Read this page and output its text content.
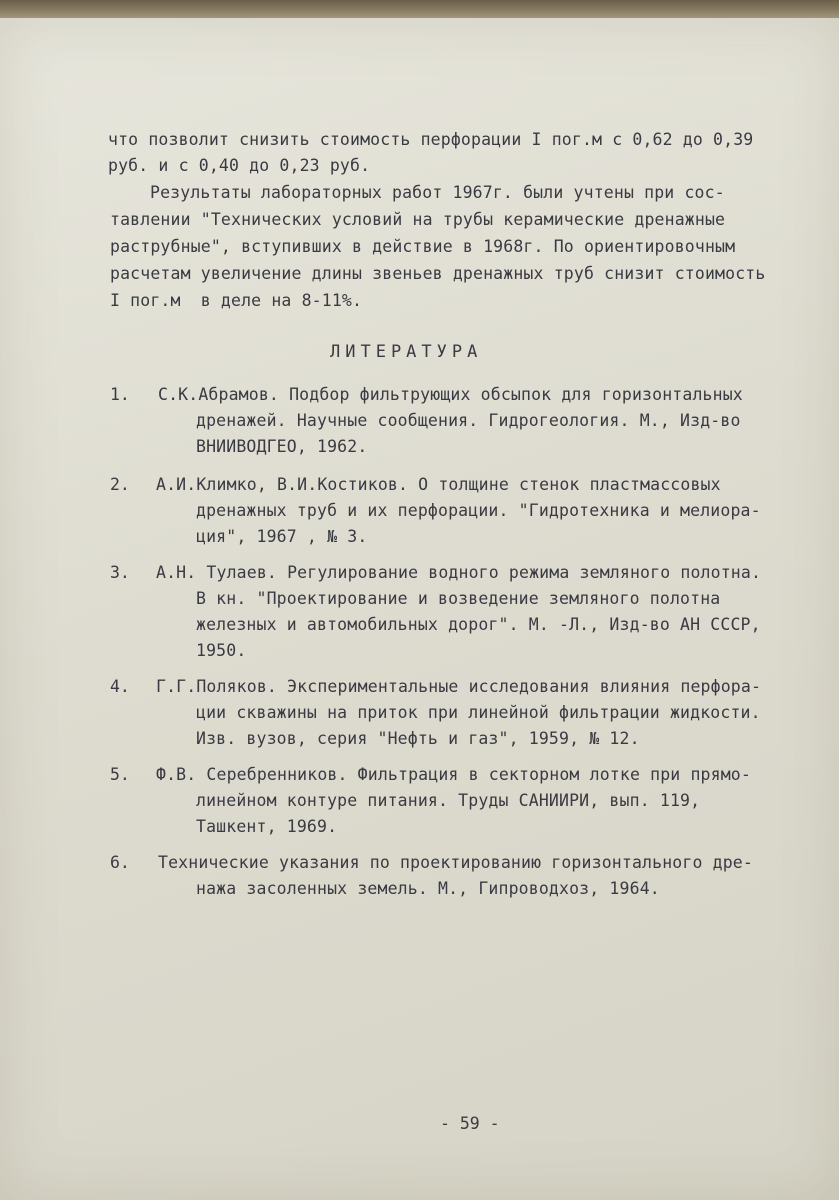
что позволит снизить стоимость перфорации I пог.м с 0,62 до 0,39
руб. и с 0,40 до 0,23 руб.
Результаты лабораторных работ 1967г. были учтены при сос-
тавлении "Технических условий на трубы керамические дренажные
раструбные", вступивших в действие в 1968г. По ориентировочным
расчетам увеличение длины звеньев дренажных труб снизит стоимость
I пог.м  в деле на 8-11%.
ЛИТЕРАТУРА
1. С.К.Абрамов. Подбор фильтрующих обсыпок для горизонтальных
дренажей. Научные сообщения. Гидрогеология. М., Изд-во
ВНИИВОДГЕО, 1962.
2. А.И.Климко, В.И.Костиков. О толщине стенок пластмассовых
дренажных труб и их перфорации. "Гидротехника и мелиора-
ция", 1967 , № 3.
3. А.Н. Тулаев. Регулирование водного режима земляного полотна.
В кн. "Проектирование и возведение земляного полотна
железных и автомобильных дорог". М. -Л., Изд-во АН СССР,
1950.
4. Г.Г.Поляков. Экспериментальные исследования влияния перфора-
ции скважины на приток при линейной фильтрации жидкости.
Изв. вузов, серия "Нефть и газ", 1959, № 12.
5. Ф.В. Серебренников. Фильтрация в секторном лотке при прямо-
линейном контуре питания. Труды САНИИРИ, вып. 119,
Ташкент, 1969.
6. Технические указания по проектированию горизонтального дре-
нажа засоленных земель. М., Гипроводхоз, 1964.
- 59 -
